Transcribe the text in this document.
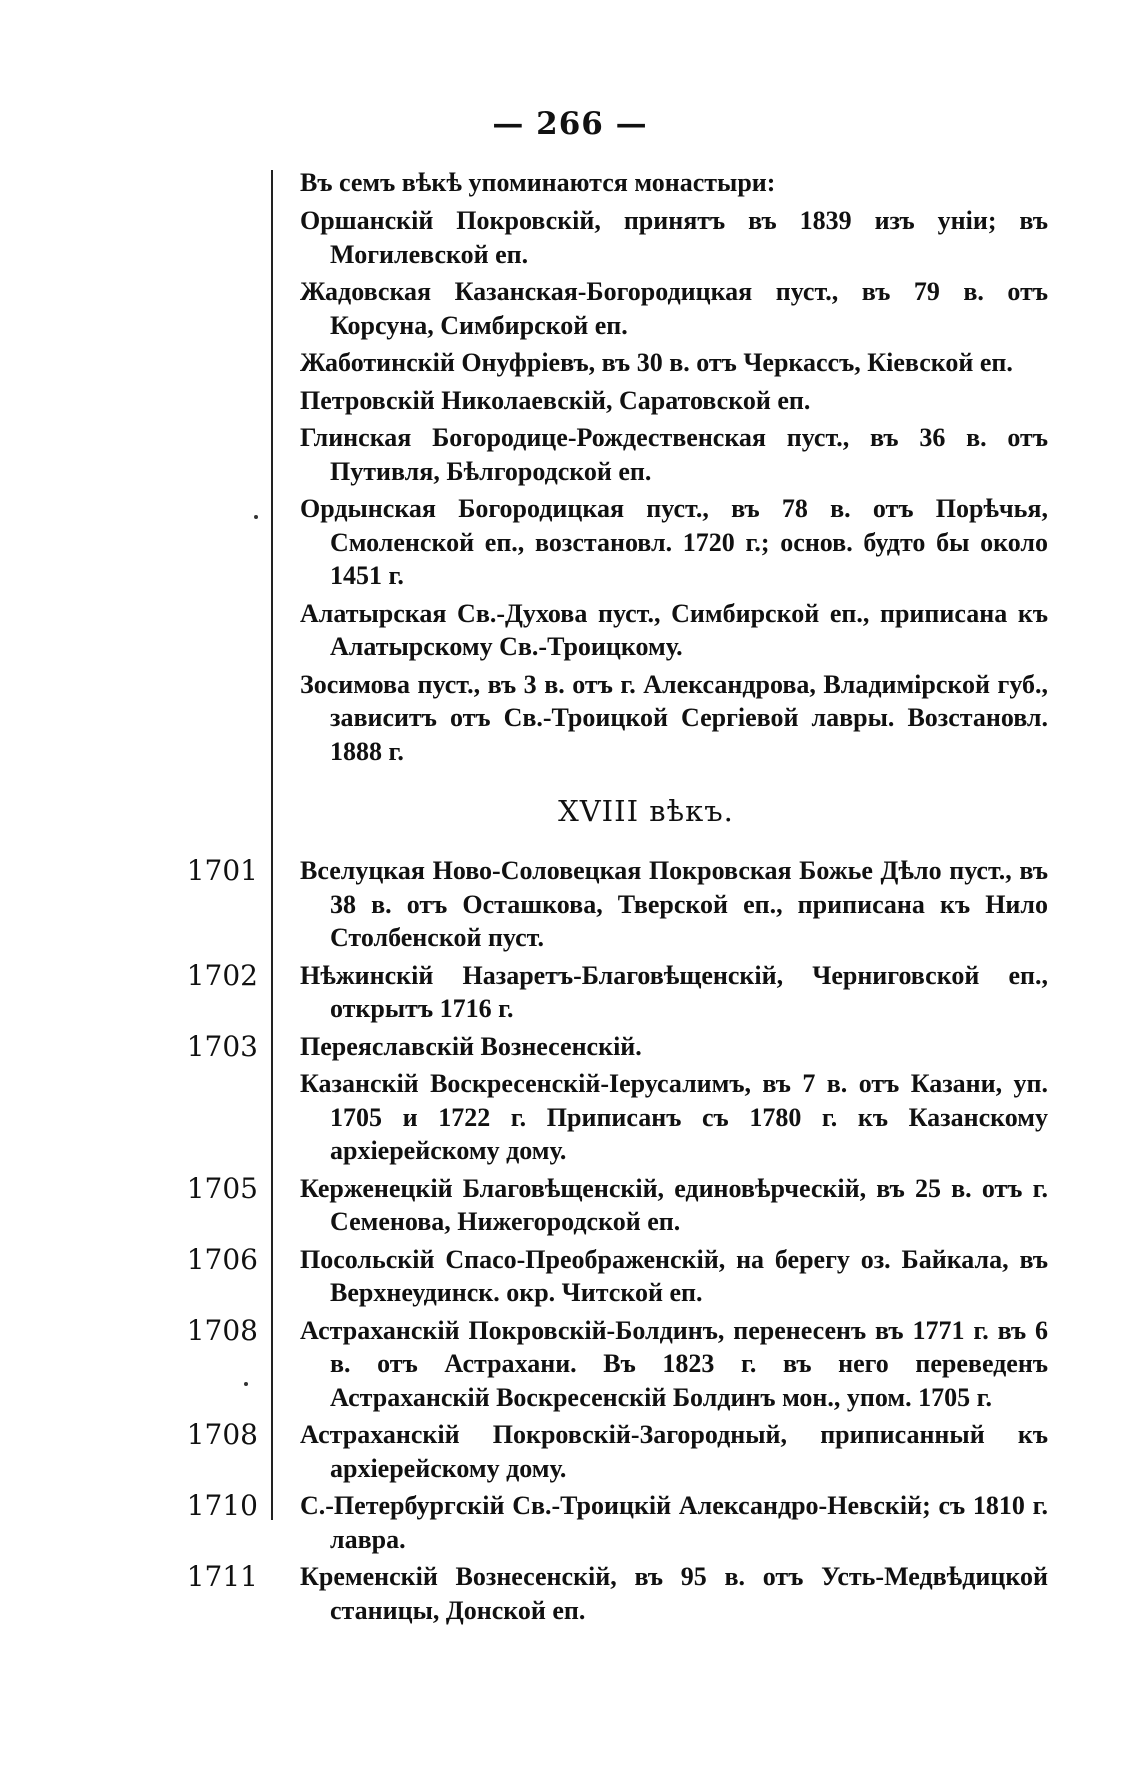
— 266 —
Въ семъ вѣкѣ упоминаются монастыри:
Оршанскій Покровскій, принятъ въ 1839 изъ уніи; въ Могилевской еп.
Жадовская Казанская-Богородицкая пуст., въ 79 в. отъ Корсуна, Симбирской еп.
Жаботинскій Онуфріевъ, въ 30 в. отъ Черкассъ, Кіевской еп.
Петровскій Николаевскій, Саратовской еп.
Глинская Богородице-Рождественская пуст., въ 36 в. отъ Путивля, Бѣлгородской еп.
Ордынская Богородицкая пуст., въ 78 в. отъ Порѣчья, Смоленской еп., возстановл. 1720 г.; основ. будто бы около 1451 г.
Алатырская Св.-Духова пуст., Симбирской еп., приписана къ Алатырскому Св.-Троицкому.
Зосимова пуст., въ 3 в. отъ г. Александрова, Владимірской губ., зависитъ отъ Св.-Троицкой Сергіевой лавры. Возстановл. 1888 г.
XVIII вѣкъ.
1701 Вселуцкая Ново-Соловецкая Покровская Божье Дѣло пуст., въ 38 в. отъ Осташкова, Тверской еп., приписана къ Нило Столбенской пуст.
1702 Нѣжинскій Назаретъ-Благовѣщенскій, Черниговской еп., открытъ 1716 г.
1703 Переяславскій Вознесенскій.
Казанскій Воскресенскій-Іерусалимъ, въ 7 в. отъ Казани, уп. 1705 и 1722 г. Приписанъ съ 1780 г. къ Казанскому архіерейскому дому.
1705 Керженецкій Благовѣщенскій, единовѣрческій, въ 25 в. отъ г. Семенова, Нижегородской еп.
1706 Посольскій Спасо-Преображенскій, на берегу оз. Байкала, въ Верхнеудинск. окр. Читской еп.
1708 Астраханскій Покровскій-Болдинъ, перенесенъ въ 1771 г. въ 6 в. отъ Астрахани. Въ 1823 г. въ него переведенъ Астраханскій Воскресенскій Болдинъ мон., упом. 1705 г.
1708 Астраханскій Покровскій-Загородный, приписанный къ архіерейскому дому.
1710 С.-Петербургскій Св.-Троицкій Александро-Невскій; съ 1810 г. лавра.
1711 Кременскій Вознесенскій, въ 95 в. отъ Усть-Медвѣдицкой станицы, Донской еп.
